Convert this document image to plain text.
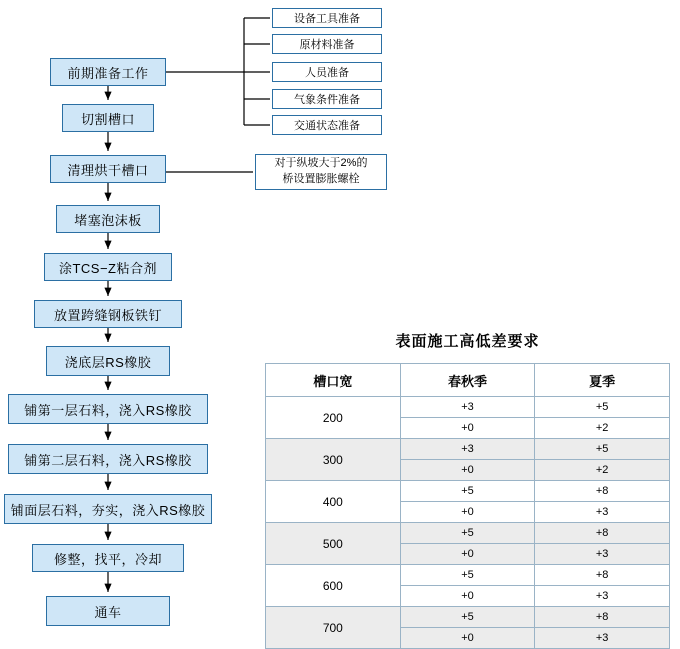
前期准备工作
切割槽口
清理烘干槽口
堵塞泡沫板
涂TCS−Z粘合剂
放置跨缝钢板铁钉
浇底层RS橡胶
铺第一层石料，浇入RS橡胶
铺第二层石料，浇入RS橡胶
铺面层石料，夯实，浇入RS橡胶
修整，找平，冷却
通车
设备工具准备
原材料准备
人员准备
气象条件准备
交通状态准备
对于纵坡大于2%的
桥设置膨胀螺栓
表面施工高低差要求
槽口宽	春秋季	夏季
200	+3	+5
	+0	+2
300	+3	+5
	+0	+2
400	+5	+8
	+0	+3
500	+5	+8
	+0	+3
600	+5	+8
	+0	+3
700	+5	+8
	+0	+3
